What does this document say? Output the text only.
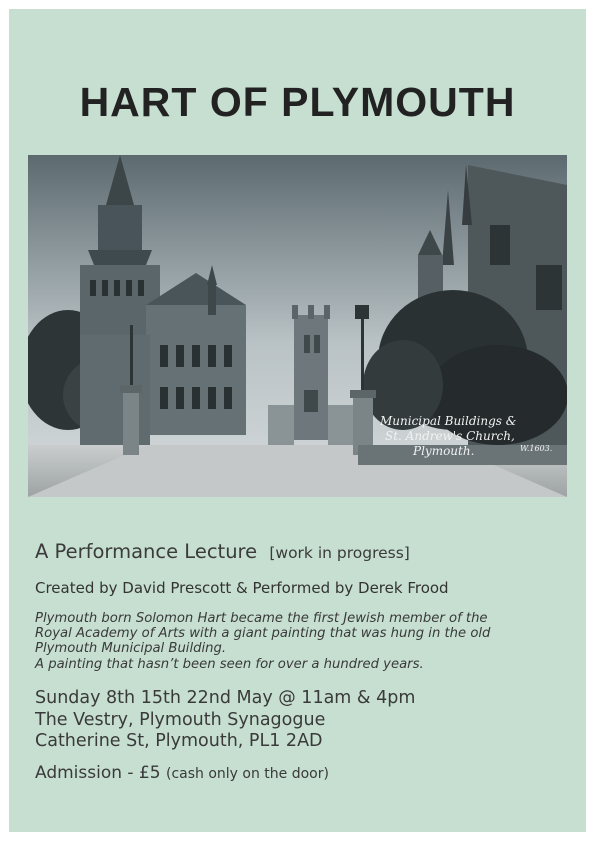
HART OF PLYMOUTH
Municipal Buildings &
St. Andrew's Church,
Plymouth.	W.1603.
A Performance Lecture [work in progress]
Created by David Prescott & Performed by Derek Frood

Plymouth born Solomon Hart became the first Jewish member of the

Royal Academy of Arts with a giant painting that was hung in the old

Plymouth Municipal Building.

A painting that hasn’t been seen for over a hundred years.

Sunday 8th 15th 22nd May @ 11am & 4pm

The Vestry, Plymouth Synagogue

Catherine St, Plymouth, PL1 2AD

Admission - £5 (cash only on the door)
